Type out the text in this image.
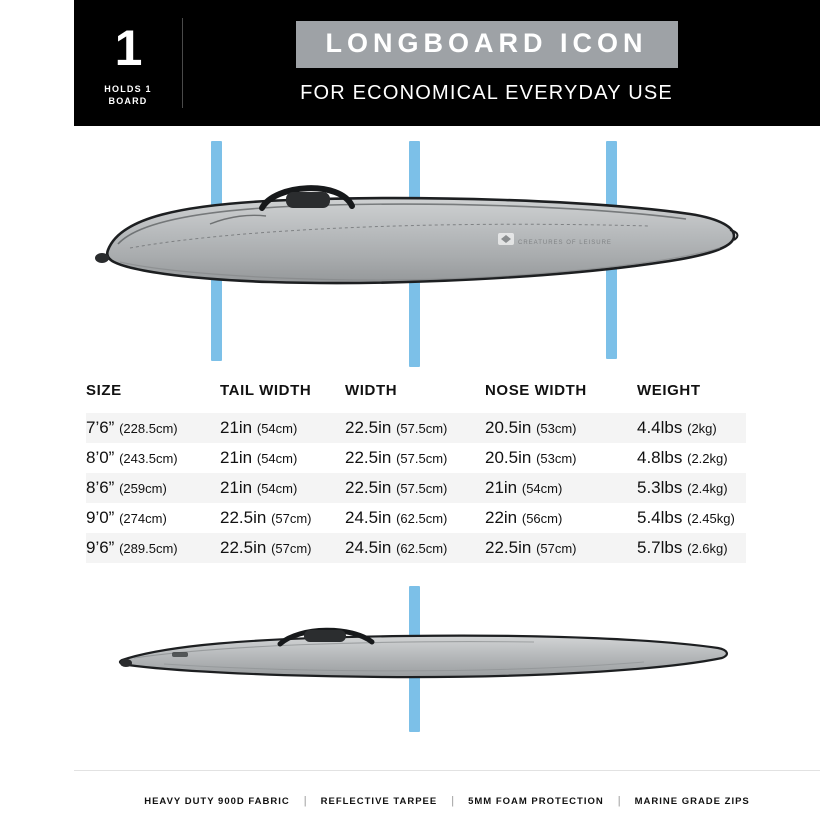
1
HOLDS 1
BOARD
LONGBOARD ICON
FOR ECONOMICAL EVERYDAY USE
CREATURES OF LEISURE
SIZE	TAIL WIDTH	WIDTH	NOSE WIDTH	WEIGHT
7’6” (228.5cm)	21in (54cm)	22.5in (57.5cm)	20.5in (53cm)	4.4lbs (2kg)
8’0” (243.5cm)	21in (54cm)	22.5in (57.5cm)	20.5in (53cm)	4.8lbs (2.2kg)
8’6” (259cm)	21in (54cm)	22.5in (57.5cm)	21in (54cm)	5.3lbs (2.4kg)
9’0” (274cm)	22.5in (57cm)	24.5in (62.5cm)	22in (56cm)	5.4lbs (2.45kg)
9’6” (289.5cm)	22.5in (57cm)	24.5in (62.5cm)	22.5in (57cm)	5.7lbs (2.6kg)
HEAVY DUTY 900D FABRIC	|	REFLECTIVE TARPEE	|	5MM FOAM PROTECTION	|	MARINE GRADE ZIPS
